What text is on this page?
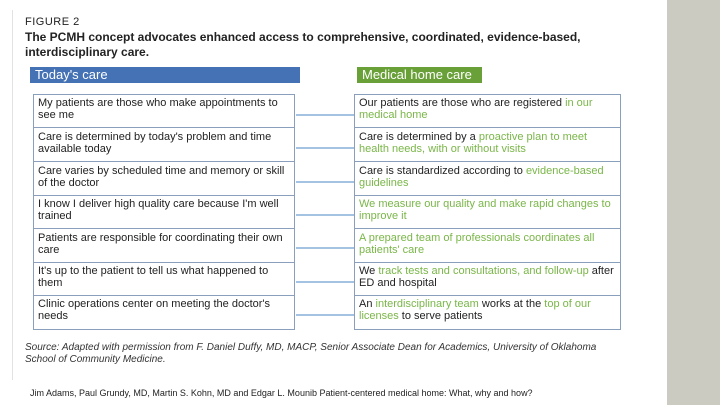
FIGURE 2
The PCMH concept advocates enhanced access to comprehensive, coordinated, evidence-based, interdisciplinary care.
Today's care	Medical home care
My patients are those who make appointments to see me
Care is determined by today's problem and time available today
Care varies by scheduled time and memory or skill of the doctor
I know I deliver high quality care because I'm well trained
Patients are responsible for coordinating their own care
It's up to the patient to tell us what happened to them
Clinic operations center on meeting the doctor's needs
Our patients are those who are registered in our medical home
Care is determined by a proactive plan to meet health needs, with or without visits
Care is standardized according to evidence-based guidelines
We measure our quality and make rapid changes to improve it
A prepared team of professionals coordinates all patients' care
We track tests and consultations, and follow-up after ED and hospital
An interdisciplinary team works at the top of our licenses to serve patients
Source: Adapted with permission from F. Daniel Duffy, MD, MACP, Senior Associate Dean for Academics, University of Oklahoma School of Community Medicine.
Jim Adams, Paul Grundy, MD, Martin S. Kohn, MD and Edgar L. Mounib Patient-centered medical home: What, why and how?
